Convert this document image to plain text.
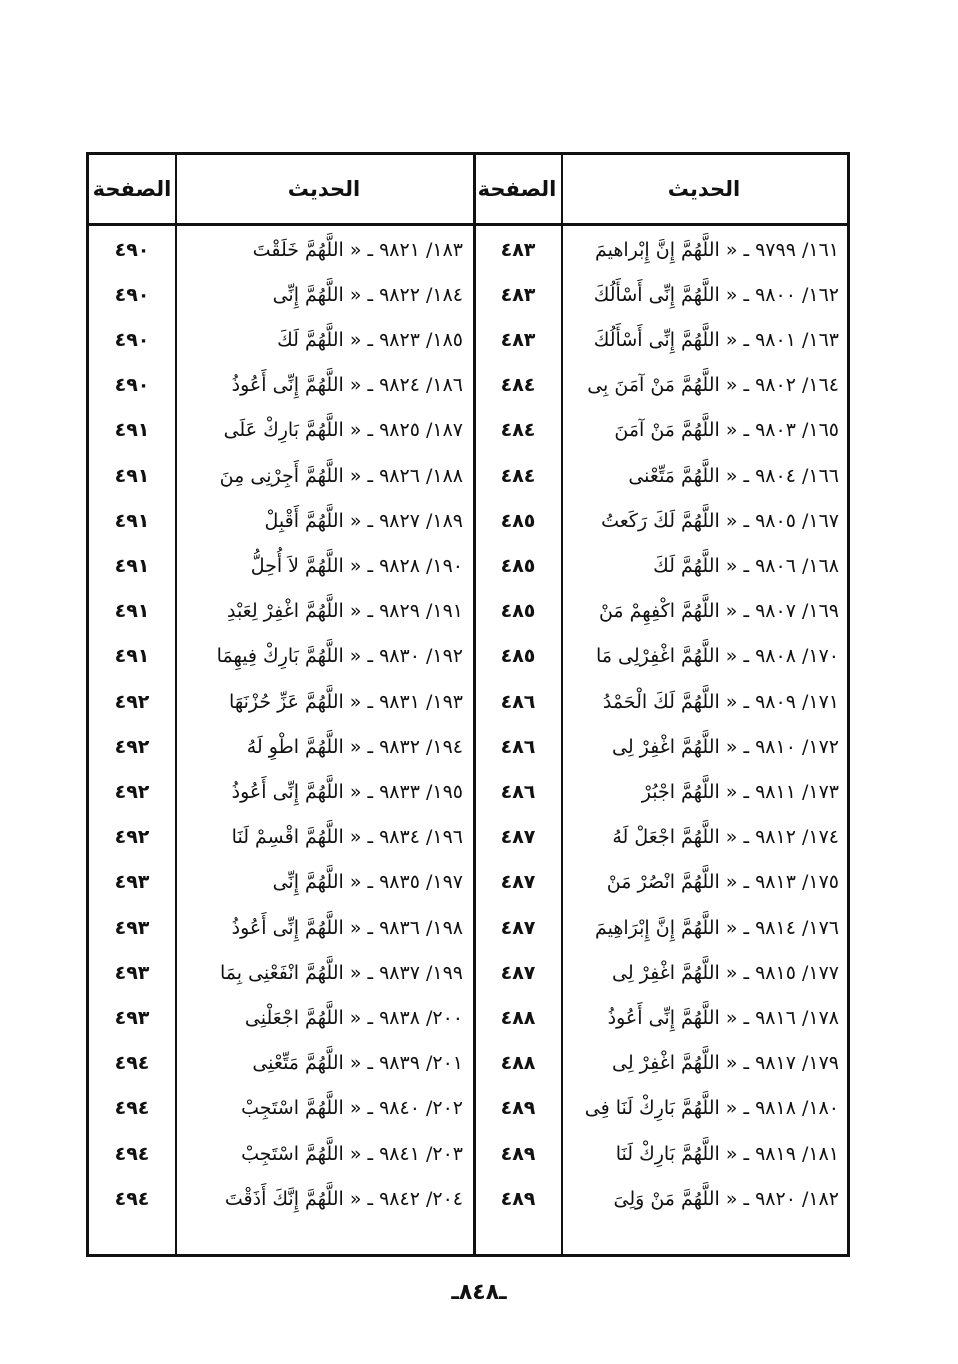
الحديث
الصفحة
الحديث
الصفحة
١٦١/ ٩٧٩٩ ـ « اللَّهُمَّ إِنَّ إِبْراهيمَ
٤٨٣
١٦٢/ ٩٨٠٠ ـ « اللَّهُمَّ إِنِّى أَسْأَلُكَ
٤٨٣
١٦٣/ ٩٨٠١ ـ « اللَّهُمَّ إِنِّى أَسْأَلُكَ
٤٨٣
١٦٤/ ٩٨٠٢ ـ « اللَّهُمَّ مَنْ آمَنَ بِى
٤٨٤
١٦٥/ ٩٨٠٣ ـ « اللَّهُمَّ مَنْ آمَنَ
٤٨٤
١٦٦/ ٩٨٠٤ ـ « اللَّهُمَّ مَتِّعْنى
٤٨٤
١٦٧/ ٩٨٠٥ ـ « اللَّهُمَّ لَكَ رَكَعتُ
٤٨٥
١٦٨/ ٩٨٠٦ ـ « اللَّهُمَّ لَكَ
٤٨٥
١٦٩/ ٩٨٠٧ ـ « اللَّهُمَّ اكْفِهِمْ مَنْ
٤٨٥
١٧٠/ ٩٨٠٨ ـ « اللَّهُمَّ اغْفِرْلِى مَا
٤٨٥
١٧١/ ٩٨٠٩ ـ « اللَّهُمَّ لَكَ الْحَمْدُ
٤٨٦
١٧٢/ ٩٨١٠ ـ « اللَّهُمَّ اغْفِرْ لِى
٤٨٦
١٧٣/ ٩٨١١ ـ « اللَّهُمَّ اجْبُرْ
٤٨٦
١٧٤/ ٩٨١٢ ـ « اللَّهُمَّ اجْعَلْ لَهُ
٤٨٧
١٧٥/ ٩٨١٣ ـ « اللَّهُمَّ انْصُرْ مَنْ
٤٨٧
١٧٦/ ٩٨١٤ ـ « اللَّهُمَّ إِنَّ إِبْرَاهِيمَ
٤٨٧
١٧٧/ ٩٨١٥ ـ « اللَّهُمَّ اغْفِرْ لِى
٤٨٧
١٧٨/ ٩٨١٦ ـ « اللَّهُمَّ إِنِّى أَعُوذُ
٤٨٨
١٧٩/ ٩٨١٧ ـ « اللَّهُمَّ اغْفِرْ لِى
٤٨٨
١٨٠/ ٩٨١٨ ـ « اللَّهُمَّ بَارِكْ لَنَا فِى
٤٨٩
١٨١/ ٩٨١٩ ـ « اللَّهُمَّ بَارِكْ لَنَا
٤٨٩
١٨٢/ ٩٨٢٠ ـ « اللَّهُمَّ مَنْ وَلِىَ
٤٨٩
١٨٣/ ٩٨٢١ ـ « اللَّهُمَّ خَلَقْتَ
٤٩٠
١٨٤/ ٩٨٢٢ ـ « اللَّهُمَّ إِنِّى
٤٩٠
١٨٥/ ٩٨٢٣ ـ « اللَّهُمَّ لَكَ
٤٩٠
١٨٦/ ٩٨٢٤ ـ « اللَّهُمَّ إِنِّى أَعُوذُ
٤٩٠
١٨٧/ ٩٨٢٥ ـ « اللَّهُمَّ بَارِكْ عَلَى
٤٩١
١٨٨/ ٩٨٢٦ ـ « اللَّهُمَّ أَجِرْنِى مِنَ
٤٩١
١٨٩/ ٩٨٢٧ ـ « اللَّهُمَّ أَقْبِلْ
٤٩١
١٩٠/ ٩٨٢٨ ـ « اللَّهُمَّ لاَ أُحِلُّ
٤٩١
١٩١/ ٩٨٢٩ ـ « اللَّهُمَّ اغْفِرْ لِعَبْدِ
٤٩١
١٩٢/ ٩٨٣٠ ـ « اللَّهُمَّ بَارِكْ فِيهِمَا
٤٩١
١٩٣/ ٩٨٣١ ـ « اللَّهُمَّ عَزِّ حُزْنَهَا
٤٩٢
١٩٤/ ٩٨٣٢ ـ « اللَّهُمَّ اطْوِ لَهُ
٤٩٢
١٩٥/ ٩٨٣٣ ـ « اللَّهُمَّ إِنِّى أَعُوذُ
٤٩٢
١٩٦/ ٩٨٣٤ ـ « اللَّهُمَّ اقْسِمْ لَنَا
٤٩٢
١٩٧/ ٩٨٣٥ ـ « اللَّهُمَّ إِنِّى
٤٩٣
١٩٨/ ٩٨٣٦ ـ « اللَّهُمَّ إِنِّى أَعُوذُ
٤٩٣
١٩٩/ ٩٨٣٧ ـ « اللَّهُمَّ انْفَعْنِى بِمَا
٤٩٣
٢٠٠/ ٩٨٣٨ ـ « اللَّهُمَّ اجْعَلْنِى
٤٩٣
٢٠١/ ٩٨٣٩ ـ « اللَّهُمَّ مَتِّعْنِى
٤٩٤
٢٠٢/ ٩٨٤٠ ـ « اللَّهُمَّ اسْتَجِبْ
٤٩٤
٢٠٣/ ٩٨٤١ ـ « اللَّهُمَّ اسْتَجِبْ
٤٩٤
٢٠٤/ ٩٨٤٢ ـ « اللَّهُمَّ إِنَّكَ أَذَقْتَ
٤٩٤
ـ٨٤٨ـ
